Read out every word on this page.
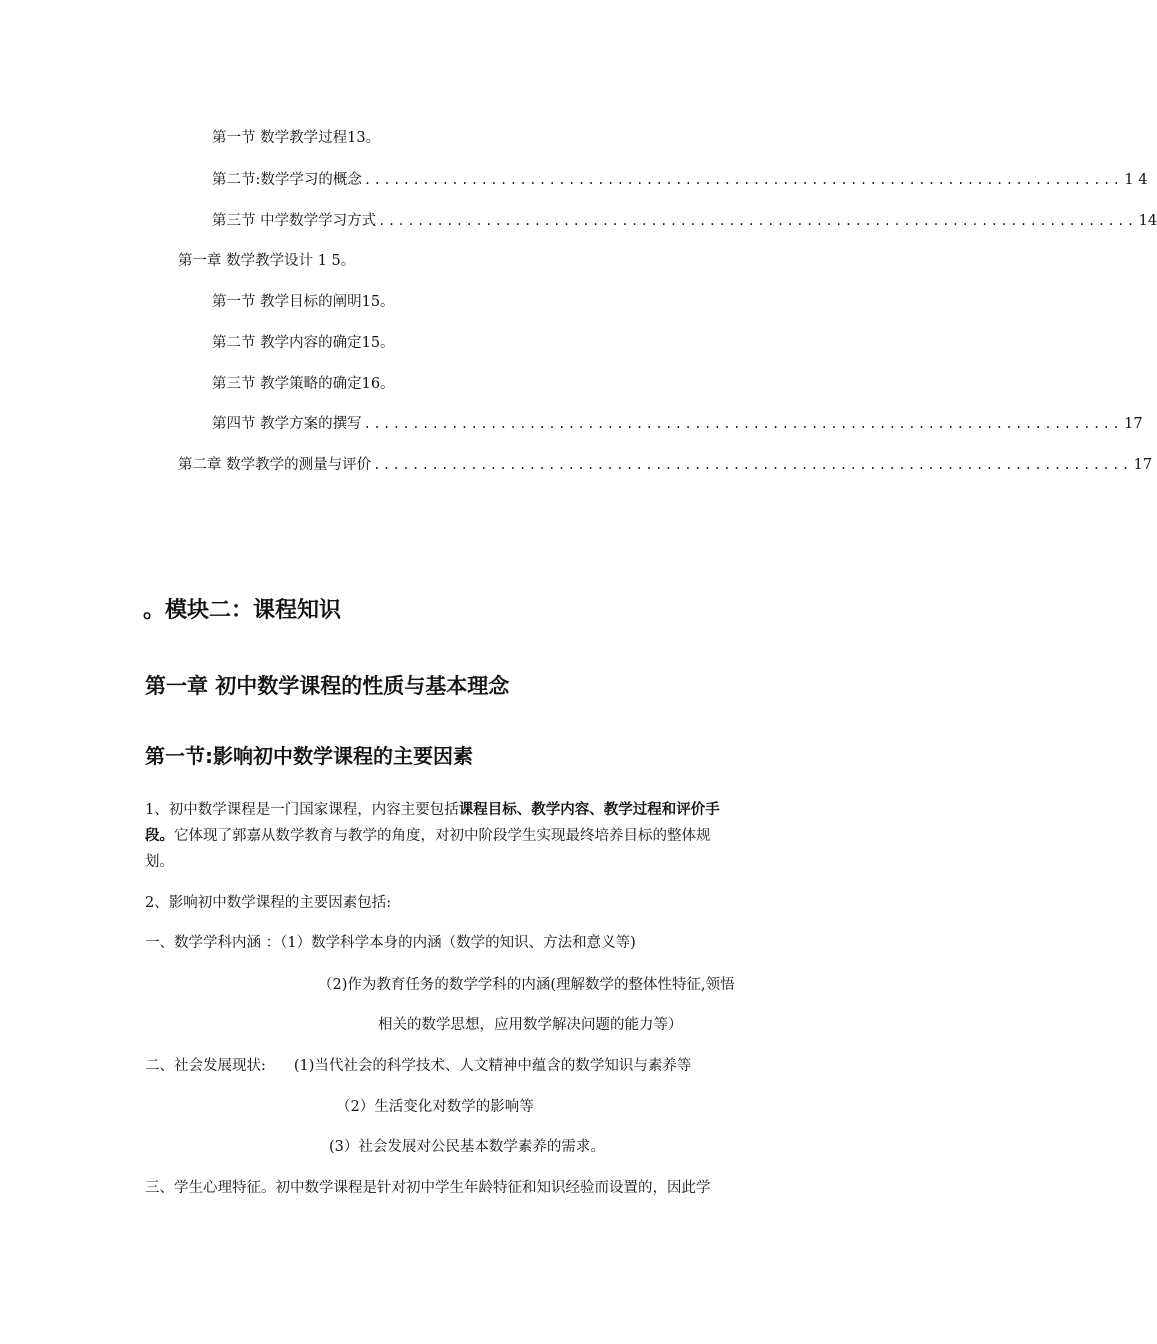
第一节 数学教学过程13。
第二节:数学学习的概念 .............................................................................. 1 4
第三节 中学数学学习方式 .............................................................................. 14
第一章 数学教学设计 1 5。
第一节 教学目标的阐明15。
第二节 教学内容的确定15。
第三节 教学策略的确定16。
第四节 教学方案的撰写 .............................................................................. 17
第二章 数学教学的测量与评价 .............................................................................. 17
。模块二：课程知识
第一章 初中数学课程的性质与基本理念
第一节:影响初中数学课程的主要因素
1、初中数学课程是一门国家课程，内容主要包括课程目标、教学内容、教学过程和评价手
段。它体现了郭嘉从数学教育与教学的角度，对初中阶段学生实现最终培养目标的整体规
划。
2、影响初中数学课程的主要因素包括:
一、数学学科内涵 ：（1）数学科学本身的内涵（数学的知识、方法和意义等)
（2)作为教育任务的数学学科的内涵(理解数学的整体性特征,领悟
相关的数学思想，应用数学解决问题的能力等）
二、社会发展现状: (1)当代社会的科学技术、人文精神中蕴含的数学知识与素养等
（2）生活变化对数学的影响等
(3）社会发展对公民基本数学素养的需求。
三、学生心理特征。初中数学课程是针对初中学生年龄特征和知识经验而设置的，因此学
